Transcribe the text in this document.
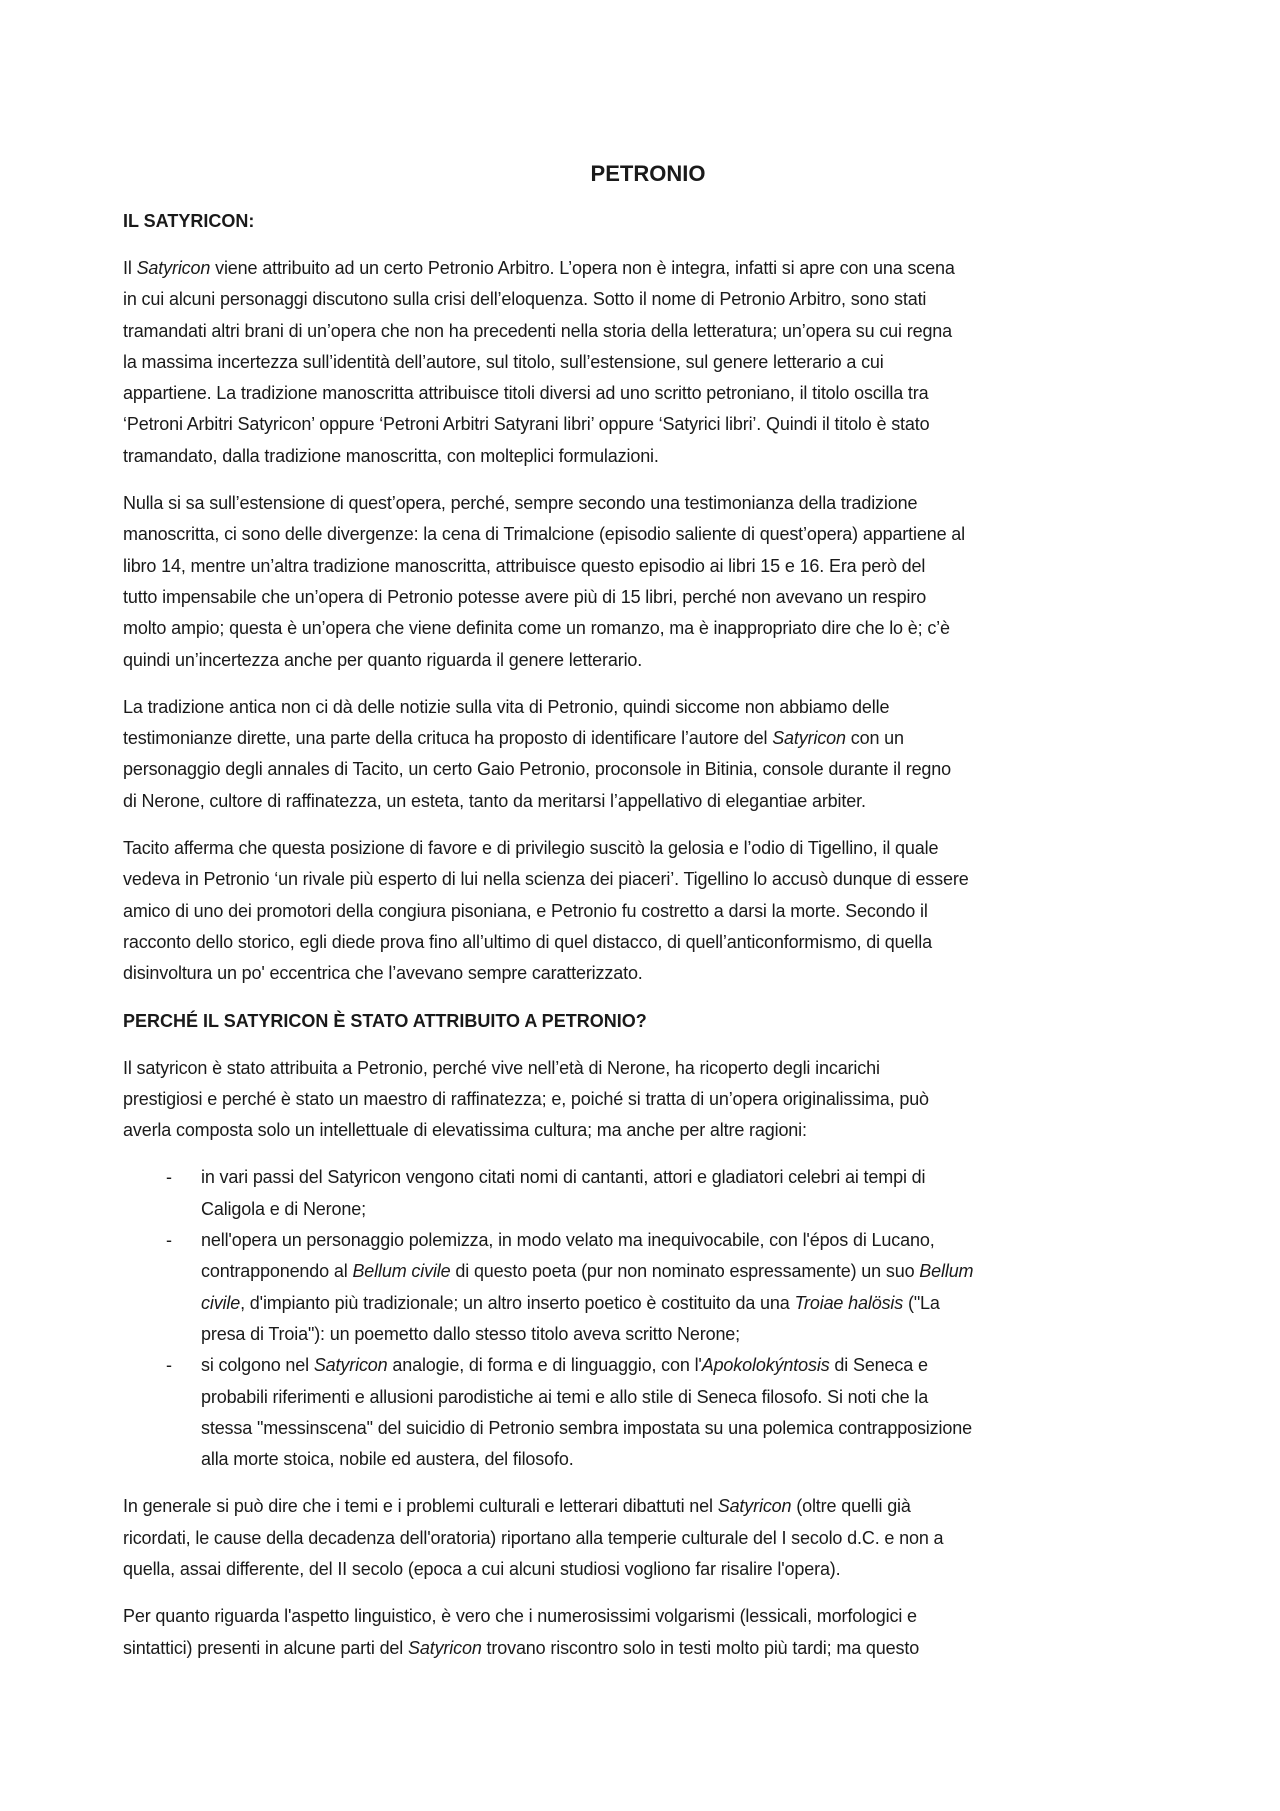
PETRONIO
IL SATYRICON:
Il Satyricon viene attribuito ad un certo Petronio Arbitro. L’opera non è integra, infatti si apre con una scena
in cui alcuni personaggi discutono sulla crisi dell’eloquenza. Sotto il nome di Petronio Arbitro, sono stati
tramandati altri brani di un’opera che non ha precedenti nella storia della letteratura; un’opera su cui regna
la massima incertezza sull’identità dell’autore, sul titolo, sull’estensione, sul genere letterario a cui
appartiene. La tradizione manoscritta attribuisce titoli diversi ad uno scritto petroniano, il titolo oscilla tra
‘Petroni Arbitri Satyricon’ oppure ‘Petroni Arbitri Satyrani libri’ oppure ‘Satyrici libri’. Quindi il titolo è stato
tramandato, dalla tradizione manoscritta, con molteplici formulazioni.
Nulla si sa sull’estensione di quest’opera, perché, sempre secondo una testimonianza della tradizione
manoscritta, ci sono delle divergenze: la cena di Trimalcione (episodio saliente di quest’opera) appartiene al
libro 14, mentre un’altra tradizione manoscritta, attribuisce questo episodio ai libri 15 e 16. Era però del
tutto impensabile che un’opera di Petronio potesse avere più di 15 libri, perché non avevano un respiro
molto ampio; questa è un’opera che viene definita come un romanzo, ma è inappropriato dire che lo è; c’è
quindi un’incertezza anche per quanto riguarda il genere letterario.
La tradizione antica non ci dà delle notizie sulla vita di Petronio, quindi siccome non abbiamo delle
testimonianze dirette, una parte della crituca ha proposto di identificare l’autore del Satyricon con un
personaggio degli annales di Tacito, un certo Gaio Petronio, proconsole in Bitinia, console durante il regno
di Nerone, cultore di raffinatezza, un esteta, tanto da meritarsi l’appellativo di elegantiae arbiter.
Tacito afferma che questa posizione di favore e di privilegio suscitò la gelosia e l’odio di Tigellino, il quale
vedeva in Petronio ‘un rivale più esperto di lui nella scienza dei piaceri’. Tigellino lo accusò dunque di essere
amico di uno dei promotori della congiura pisoniana, e Petronio fu costretto a darsi la morte. Secondo il
racconto dello storico, egli diede prova fino all’ultimo di quel distacco, di quell’anticonformismo, di quella
disinvoltura un po' eccentrica che l’avevano sempre caratterizzato.
PERCHÉ IL SATYRICON È STATO ATTRIBUITO A PETRONIO?
Il satyricon è stato attribuita a Petronio, perché vive nell’età di Nerone, ha ricoperto degli incarichi
prestigiosi e perché è stato un maestro di raffinatezza; e, poiché si tratta di un’opera originalissima, può
averla composta solo un intellettuale di elevatissima cultura; ma anche per altre ragioni:
- in vari passi del Satyricon vengono citati nomi di cantanti, attori e gladiatori celebri ai tempi di
Caligola e di Nerone;
- nell'opera un personaggio polemizza, in modo velato ma inequivocabile, con l'épos di Lucano,
contrapponendo al Bellum civile di questo poeta (pur non nominato espressamente) un suo Bellum
civile, d'impianto più tradizionale; un altro inserto poetico è costituito da una Troiae halösis ("La
presa di Troia"): un poemetto dallo stesso titolo aveva scritto Nerone;
- si colgono nel Satyricon analogie, di forma e di linguaggio, con l'Apokolokýntosis di Seneca e
probabili riferimenti e allusioni parodistiche ai temi e allo stile di Seneca filosofo. Si noti che la
stessa "messinscena" del suicidio di Petronio sembra impostata su una polemica contrapposizione
alla morte stoica, nobile ed austera, del filosofo.
In generale si può dire che i temi e i problemi culturali e letterari dibattuti nel Satyricon (oltre quelli già
ricordati, le cause della decadenza dell'oratoria) riportano alla temperie culturale del I secolo d.C. e non a
quella, assai differente, del II secolo (epoca a cui alcuni studiosi vogliono far risalire l'opera).
Per quanto riguarda l'aspetto linguistico, è vero che i numerosissimi volgarismi (lessicali, morfologici e
sintattici) presenti in alcune parti del Satyricon trovano riscontro solo in testi molto più tardi; ma questo
